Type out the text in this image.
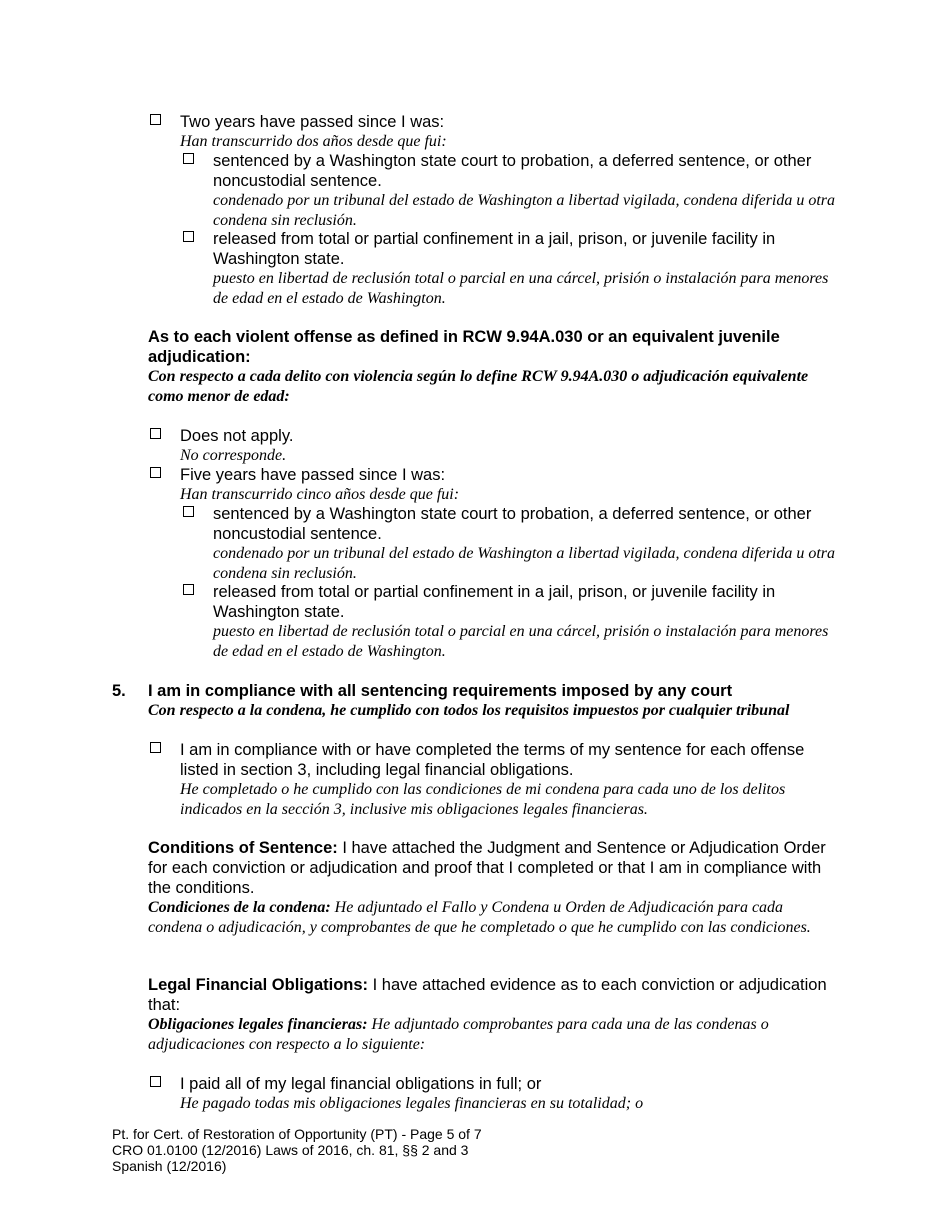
Two years have passed since I was:
Han transcurrido dos años desde que fui:
sentenced by a Washington state court to probation, a deferred sentence, or other noncustodial sentence.
condenado por un tribunal del estado de Washington a libertad vigilada, condena diferida u otra condena sin reclusión.
released from total or partial confinement in a jail, prison, or juvenile facility in Washington state.
puesto en libertad de reclusión total o parcial en una cárcel, prisión o instalación para menores de edad en el estado de Washington.
As to each violent offense as defined in RCW 9.94A.030 or an equivalent juvenile adjudication:
Con respecto a cada delito con violencia según lo define RCW 9.94A.030 o adjudicación equivalente como menor de edad:
Does not apply.
No corresponde.
Five years have passed since I was:
Han transcurrido cinco años desde que fui:
sentenced by a Washington state court to probation, a deferred sentence, or other noncustodial sentence.
condenado por un tribunal del estado de Washington a libertad vigilada, condena diferida u otra condena sin reclusión.
released from total or partial confinement in a jail, prison, or juvenile facility in Washington state.
puesto en libertad de reclusión total o parcial en una cárcel, prisión o instalación para menores de edad en el estado de Washington.
5. I am in compliance with all sentencing requirements imposed by any court
Con respecto a la condena, he cumplido con todos los requisitos impuestos por cualquier tribunal
I am in compliance with or have completed the terms of my sentence for each offense listed in section 3, including legal financial obligations.
He completado o he cumplido con las condiciones de mi condena para cada uno de los delitos indicados en la sección 3, inclusive mis obligaciones legales financieras.
Conditions of Sentence: I have attached the Judgment and Sentence or Adjudication Order for each conviction or adjudication and proof that I completed or that I am in compliance with the conditions.
Condiciones de la condena: He adjuntado el Fallo y Condena u Orden de Adjudicación para cada condena o adjudicación, y comprobantes de que he completado o que he cumplido con las condiciones.
Legal Financial Obligations: I have attached evidence as to each conviction or adjudication that:
Obligaciones legales financieras: He adjuntado comprobantes para cada una de las condenas o adjudicaciones con respecto a lo siguiente:
I paid all of my legal financial obligations in full; or
He pagado todas mis obligaciones legales financieras en su totalidad; o
Pt. for Cert. of Restoration of Opportunity (PT) - Page 5 of 7
CRO 01.0100 (12/2016) Laws of 2016, ch. 81, §§ 2 and 3
Spanish (12/2016)
